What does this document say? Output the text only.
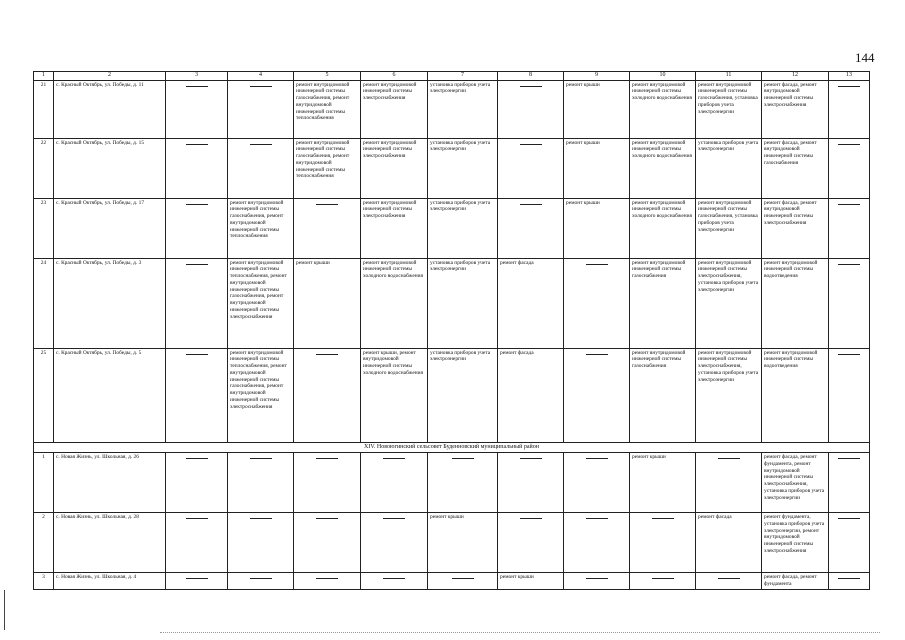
144
1	2	3	4	5	6	7	8	9	10	11	12	13
21	с. Красный Октябрь, ул. Победы, д. 11			ремонт внутридомовой инженерной системы газоснабжения, ремонт внутридомовой инженерной системы теплоснабжения	ремонт внутридомовой инженерной системы электроснабжения	установка приборов учета электроэнергии		ремонт крыши	ремонт внутридомовой инженерной системы холодного водоснабжения	ремонт внутридомовой инженерной системы газоснабжения, установка приборов учета электроэнергии	ремонт фасада, ремонт внутридомовой инженерной системы электроснабжения	

22	с. Красный Октябрь, ул. Победы, д. 15			ремонт внутридомовой инженерной системы газоснабжения, ремонт внутридомовой инженерной системы теплоснабжения	ремонт внутридомовой инженерной системы электроснабжения	установка приборов учета электроэнергии		ремонт крыши	ремонт внутридомовой инженерной системы холодного водоснабжения	установка приборов учета электроэнергии	ремонт фасада, ремонт внутридомовой инженерной системы газоснабжения	

23	с. Красный Октябрь, ул. Победы, д. 17		ремонт внутридомовой инженерной системы газоснабжения, ремонт внутридомовой инженерной системы теплоснабжения		ремонт внутридомовой инженерной системы электроснабжения	установка приборов учета электроэнергии		ремонт крыши	ремонт внутридомовой инженерной системы холодного водоснабжения	ремонт внутридомовой инженерной системы газоснабжения, установка приборов учета электроэнергии	ремонт фасада, ремонт внутридомовой инженерной системы электроснабжения	

24	с. Красный Октябрь, ул. Победы, д. 3		ремонт внутридомовой инженерной системы теплоснабжения, ремонт внутридомовой инженерной системы газоснабжения, ремонт внутридомовой инженерной системы электроснабжения	ремонт крыши	ремонт внутридомовой инженерной системы холодного водоснабжения	установка приборов учета электроэнергии	ремонт фасада		ремонт внутридомовой инженерной системы газоснабжения	ремонт внутридомовой инженерной системы электроснабжения, установка приборов учета электроэнергии	ремонт внутридомовой инженерной системы водоотведения	

25	с. Красный Октябрь, ул. Победы, д. 5		ремонт внутридомовой инженерной системы теплоснабжения, ремонт внутридомовой инженерной системы газоснабжения, ремонт внутридомовой инженерной системы электроснабжения		ремонт крыши, ремонт внутридомовой инженерной системы холодного водоснабжения	установка приборов учета электроэнергии	ремонт фасада		ремонт внутридомовой инженерной системы газоснабжения	ремонт внутридомовой инженерной системы электроснабжения, установка приборов учета электроэнергии	ремонт внутридомовой инженерной системы водоотведения	

XIV. Новоюгинский сельсовет Буденновский муниципальный район												
1	с. Новая Жизнь, ул. Школьная, д. 26								ремонт крыши		ремонт фасада, ремонт фундамента, ремонт внутридомовой инженерной системы электроснабжения, установка приборов учета электроэнергии	

2	с. Новая Жизнь, ул. Школьная, д. 28					ремонт крыши				ремонт фасада	ремонт фундамента, установка приборов учета электроэнергии, ремонт внутридомовой инженерной системы электроснабжения	

3	с. Новая Жизнь, ул. Школьная, д. 4						ремонт крыши				ремонт фасада, ремонт фундамента	
